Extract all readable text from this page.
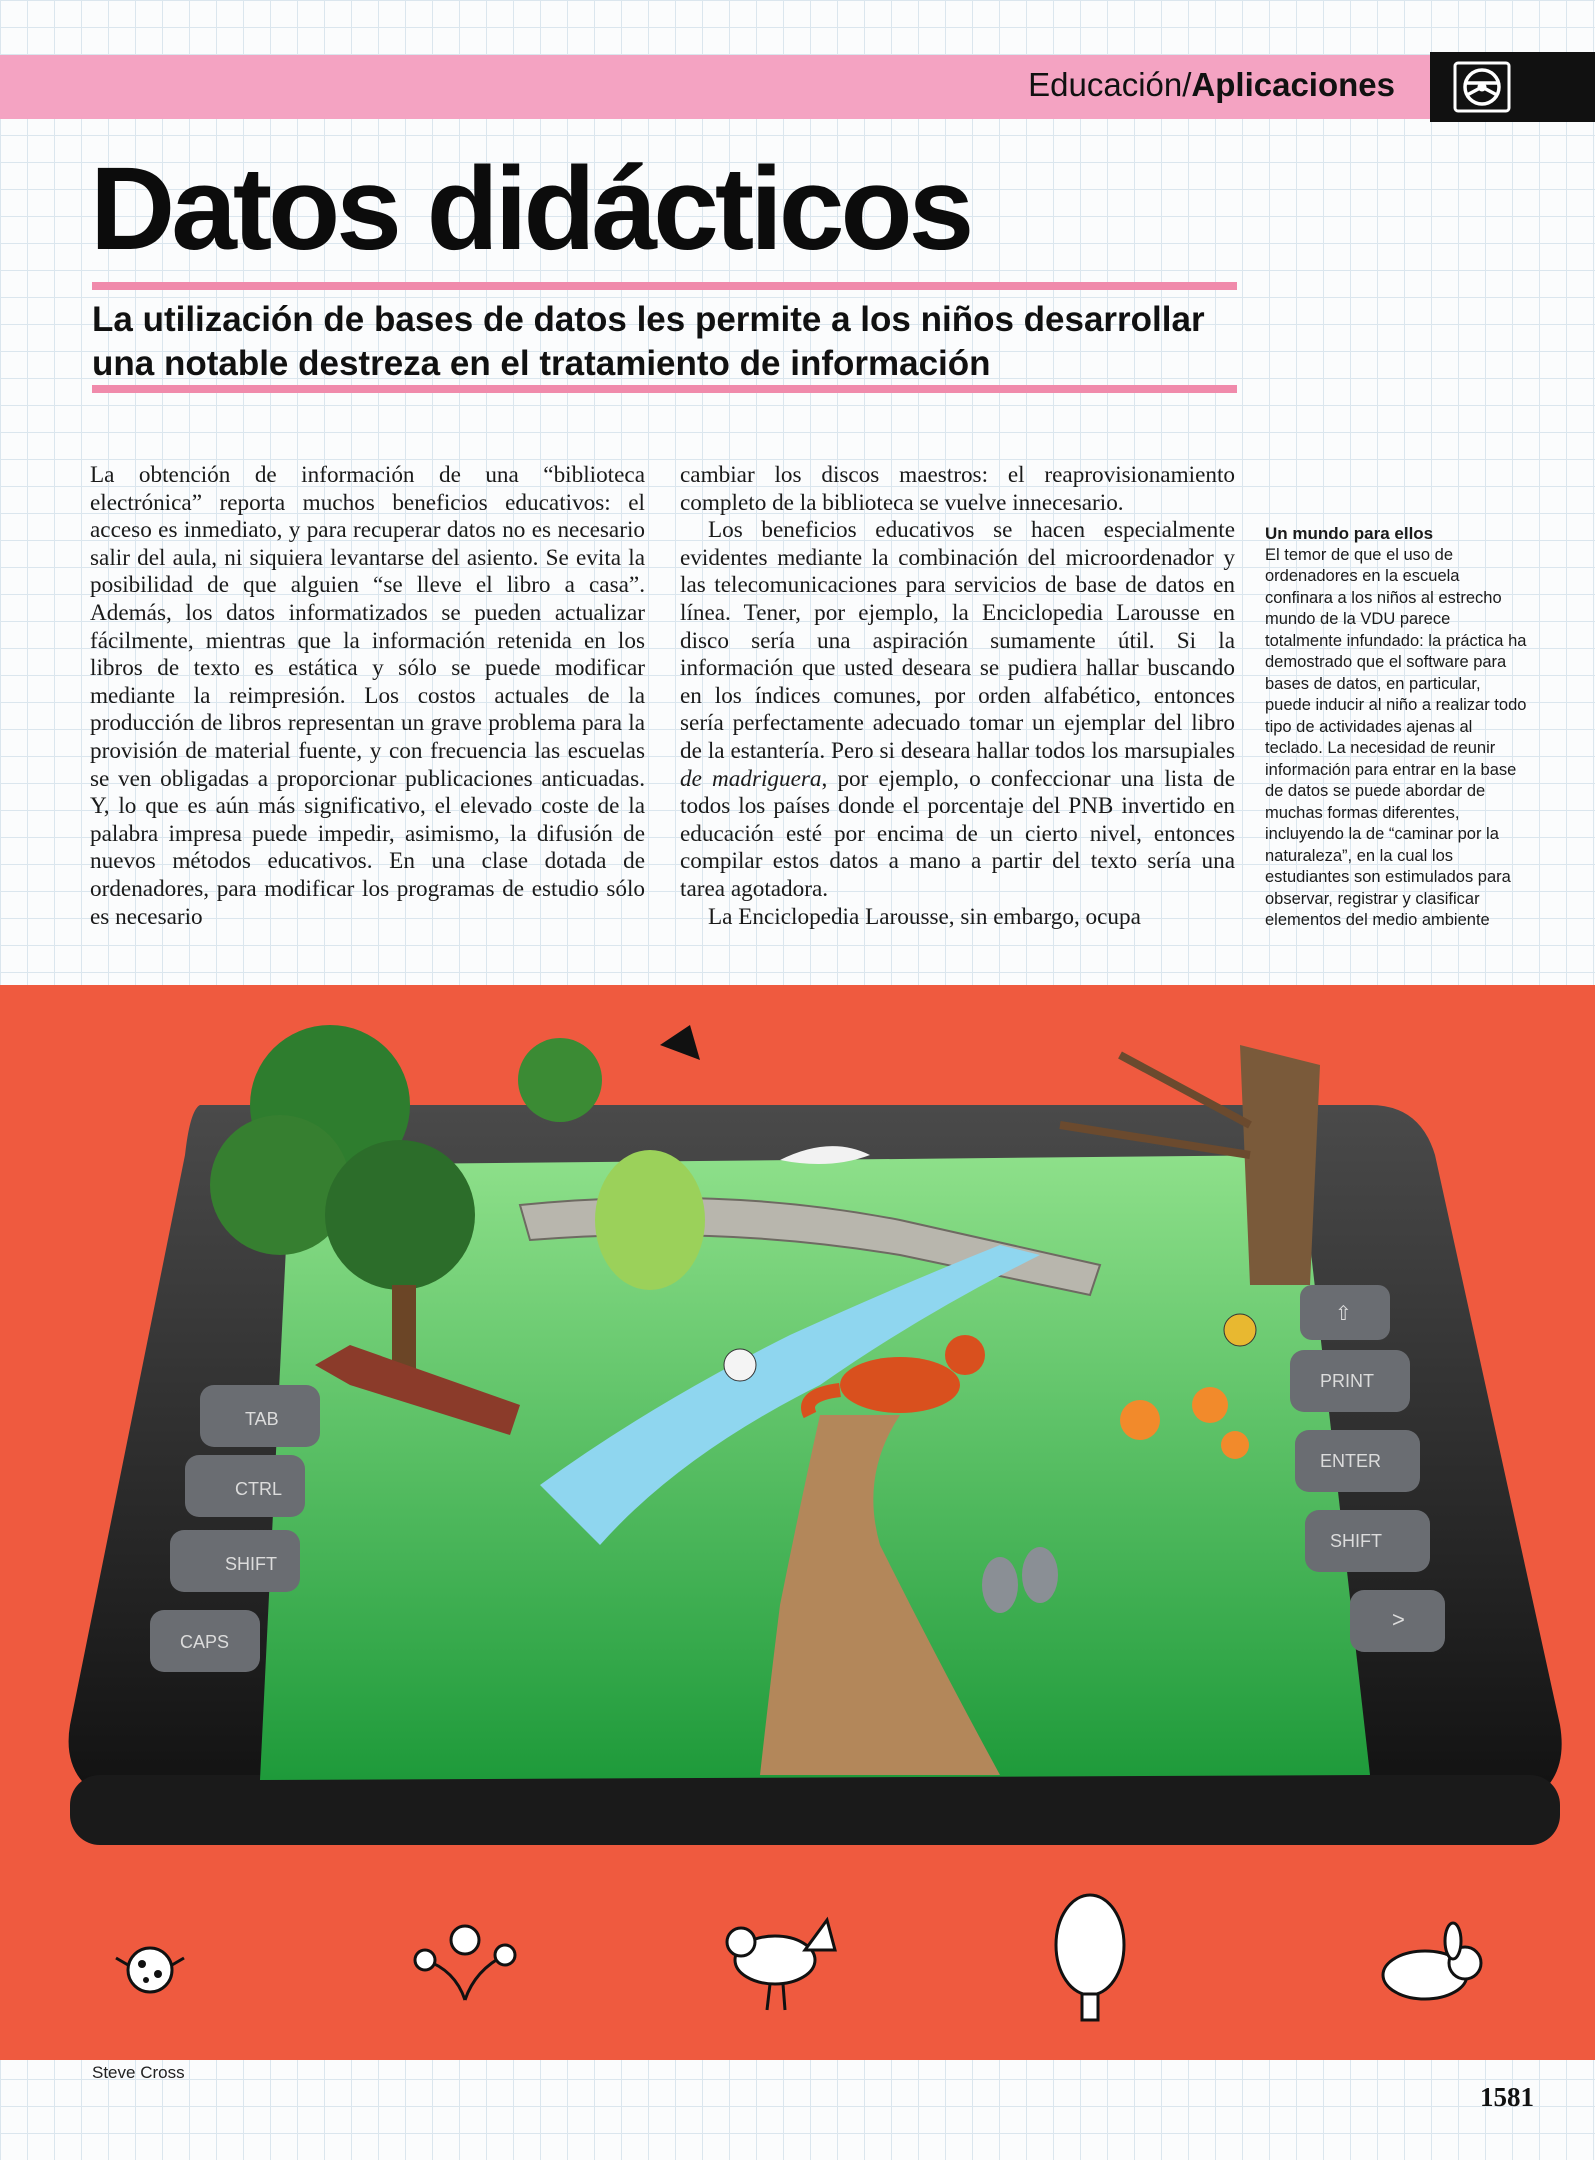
Educación/Aplicaciones
Datos didácticos
La utilización de bases de datos les permite a los niños desarrollar una notable destreza en el tratamiento de información

La obtención de información de una “biblioteca electrónica” reporta muchos beneficios educativos: el acceso es inmediato, y para recuperar datos no es necesario salir del aula, ni siquiera levantarse del asiento. Se evita la posibilidad de que alguien “se lleve el libro a casa”. Además, los datos informatizados se pueden actualizar fácilmente, mientras que la información retenida en los libros de texto es estática y sólo se puede modificar mediante la reimpresión. Los costos actuales de la producción de libros representan un grave problema para la provisión de material fuente, y con frecuencia las escuelas se ven obligadas a proporcionar publicaciones anticuadas. Y, lo que es aún más significativo, el elevado coste de la palabra impresa puede impedir, asimismo, la difusión de nuevos métodos educativos. En una clase dotada de ordenadores, para modificar los programas de estudio sólo es necesario

cambiar los discos maestros: el reaprovisionamiento completo de la biblioteca se vuelve innecesario.

Los beneficios educativos se hacen especialmente evidentes mediante la combinación del microordenador y las telecomunicaciones para servicios de base de datos en línea. Tener, por ejemplo, la Enciclopedia Larousse en disco sería una aspiración sumamente útil. Si la información que usted deseara se pudiera hallar buscando en los índices comunes, por orden alfabético, entonces sería perfectamente adecuado tomar un ejemplar del libro de la estantería. Pero si deseara hallar todos los marsupiales de madriguera, por ejemplo, o confeccionar una lista de todos los países donde el porcentaje del PNB invertido en educación esté por encima de un cierto nivel, entonces compilar estos datos a mano a partir del texto sería una tarea agotadora.

La Enciclopedia Larousse, sin embargo, ocupa

Un mundo para ellos
El temor de que el uso de ordenadores en la escuela confinara a los niños al estrecho mundo de la VDU parece totalmente infundado: la práctica ha demostrado que el software para bases de datos, en particular, puede inducir al niño a realizar todo tipo de actividades ajenas al teclado. La necesidad de reunir información para entrar en la base de datos se puede abordar de muchas formas diferentes, incluyendo la de “caminar por la naturaleza”, en la cual los estudiantes son estimulados para observar, registrar y clasificar elementos del medio ambiente
TAB
CTRL
SHIFT
CAPS
⇧
PRINT
ENTER
SHIFT
>
Steve Cross
1581
